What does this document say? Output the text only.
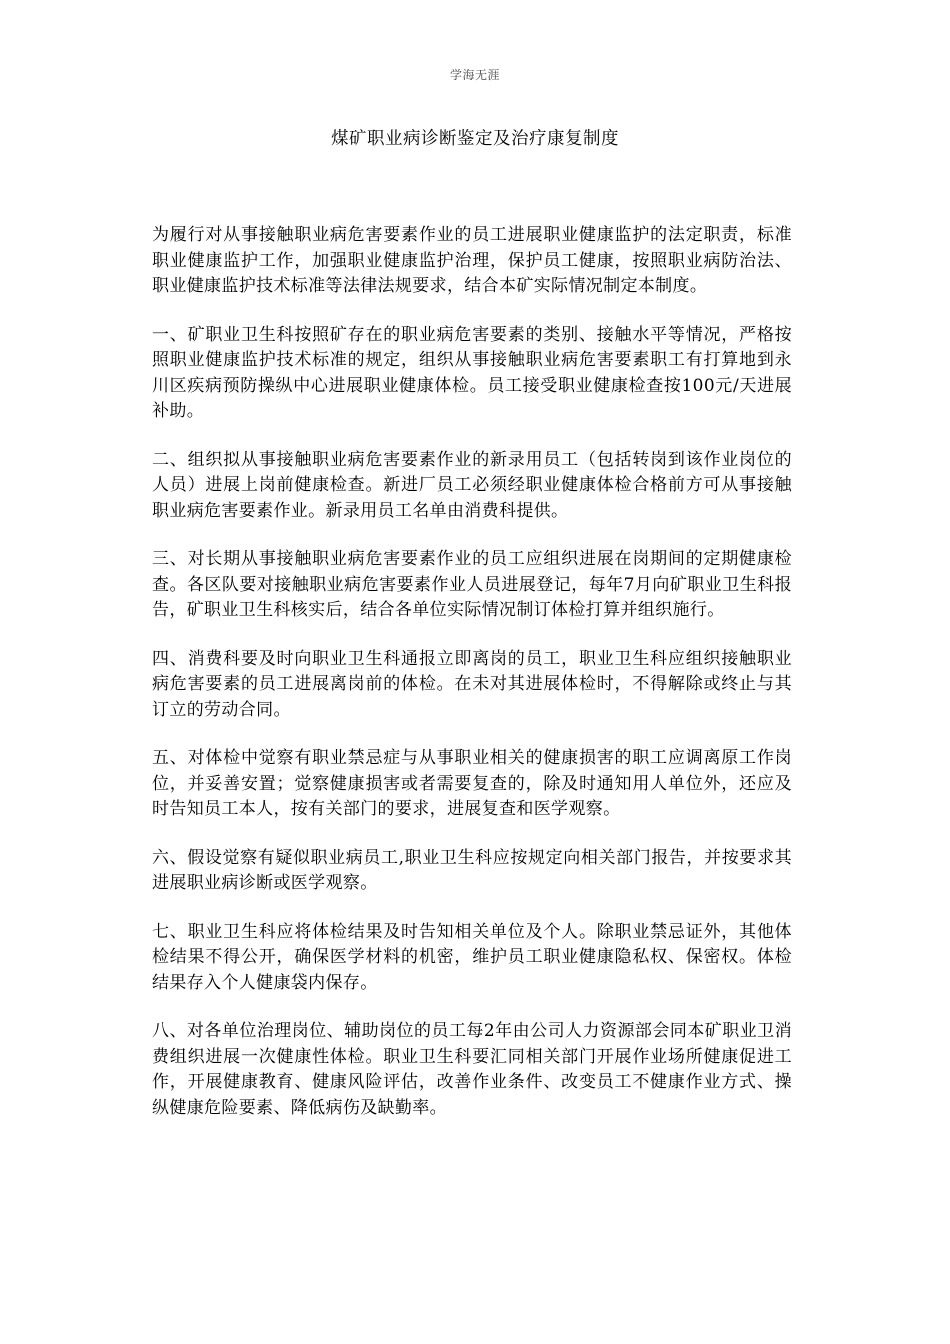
学海无涯
煤矿职业病诊断鉴定及治疗康复制度

为履行对从事接触职业病危害要素作业的员工进展职业健康监护的法定职责，标准职业健康监护工作，加强职业健康监护治理，保护员工健康，按照职业病防治法、职业健康监护技术标准等法律法规要求，结合本矿实际情况制定本制度。

一、矿职业卫生科按照矿存在的职业病危害要素的类别、接触水平等情况，严格按照职业健康监护技术标准的规定，组织从事接触职业病危害要素职工有打算地到永川区疾病预防操纵中心进展职业健康体检。员工接受职业健康检查按100元/天进展补助。

二、组织拟从事接触职业病危害要素作业的新录用员工（包括转岗到该作业岗位的人员）进展上岗前健康检查。新进厂员工必须经职业健康体检合格前方可从事接触职业病危害要素作业。新录用员工名单由消费科提供。

三、对长期从事接触职业病危害要素作业的员工应组织进展在岗期间的定期健康检查。各区队要对接触职业病危害要素作业人员进展登记，每年7月向矿职业卫生科报告，矿职业卫生科核实后，结合各单位实际情况制订体检打算并组织施行。

四、消费科要及时向职业卫生科通报立即离岗的员工，职业卫生科应组织接触职业病危害要素的员工进展离岗前的体检。在未对其进展体检时，不得解除或终止与其订立的劳动合同。

五、对体检中觉察有职业禁忌症与从事职业相关的健康损害的职工应调离原工作岗位，并妥善安置；觉察健康损害或者需要复查的，除及时通知用人单位外，还应及时告知员工本人，按有关部门的要求，进展复查和医学观察。

六、假设觉察有疑似职业病员工,职业卫生科应按规定向相关部门报告，并按要求其进展职业病诊断或医学观察。

七、职业卫生科应将体检结果及时告知相关单位及个人。除职业禁忌证外，其他体检结果不得公开，确保医学材料的机密，维护员工职业健康隐私权、保密权。体检结果存入个人健康袋内保存。

八、对各单位治理岗位、辅助岗位的员工每2年由公司人力资源部会同本矿职业卫消费组织进展一次健康性体检。职业卫生科要汇同相关部门开展作业场所健康促进工作，开展健康教育、健康风险评估，改善作业条件、改变员工不健康作业方式、操纵健康危险要素、降低病伤及缺勤率。
